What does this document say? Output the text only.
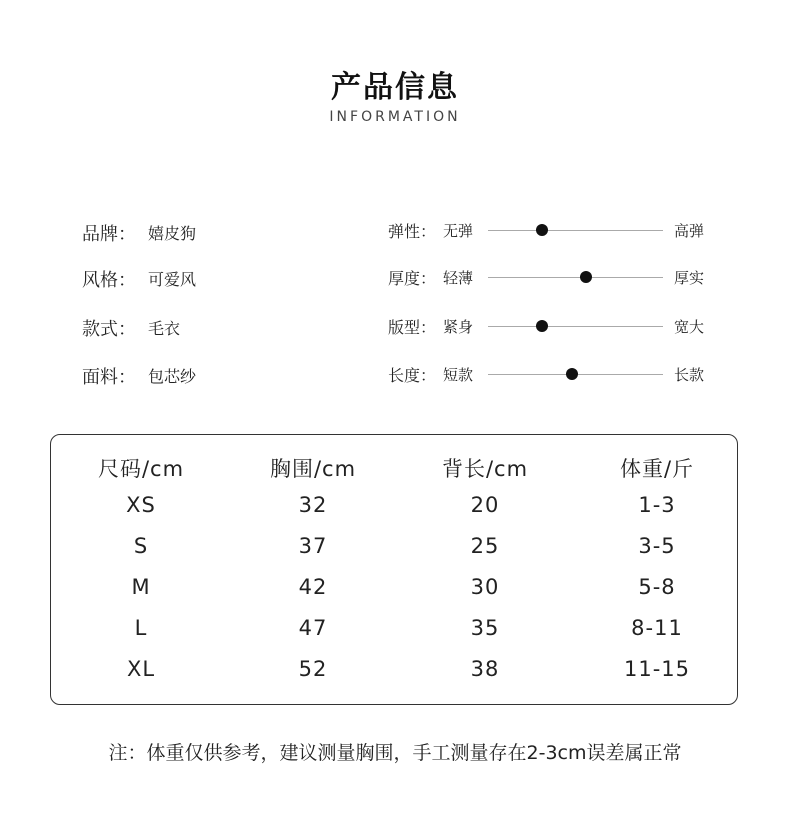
产品信息
INFORMATION
品牌： 嬉皮狗
风格： 可爱风
款式： 毛衣
面料： 包芯纱
弹性： 无弹	高弹
厚度： 轻薄	厚实
版型： 紧身	宽大
长度： 短款	长款
尺码/cm	胸围/cm	背长/cm	体重/斤
XS	32	20	1-3
S	37	25	3-5
M	42	30	5-8
L	47	35	8-11
XL	52	38	11-15
注：体重仅供参考，建议测量胸围，手工测量存在2-3cm误差属正常
